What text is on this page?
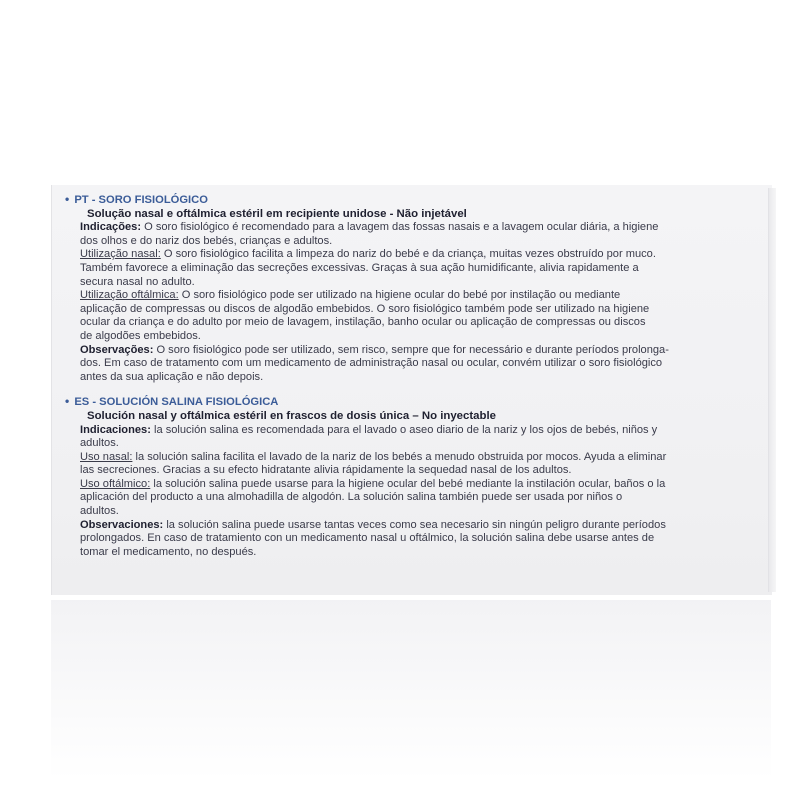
• PT - SORO FISIOLÓGICO
Solução nasal e oftálmica estéril em recipiente unidose - Não injetável
Indicações: O soro fisiológico é recomendado para a lavagem das fossas nasais e a lavagem ocular diária, a higiene
dos olhos e do nariz dos bebés, crianças e adultos.
Utilização nasal: O soro fisiológico facilita a limpeza do nariz do bebé e da criança, muitas vezes obstruído por muco.
Também favorece a eliminação das secreções excessivas. Graças à sua ação humidificante, alivia rapidamente a
secura nasal no adulto.
Utilização oftálmica: O soro fisiológico pode ser utilizado na higiene ocular do bebé por instilação ou mediante
aplicação de compressas ou discos de algodão embebidos. O soro fisiológico também pode ser utilizado na higiene
ocular da criança e do adulto por meio de lavagem, instilação, banho ocular ou aplicação de compressas ou discos
de algodões embebidos.
Observações: O soro fisiológico pode ser utilizado, sem risco, sempre que for necessário e durante períodos prolonga-
dos. Em caso de tratamento com um medicamento de administração nasal ou ocular, convém utilizar o soro fisiológico
antes da sua aplicação e não depois.
• ES - SOLUCIÓN SALINA FISIOLÓGICA
Solución nasal y oftálmica estéril en frascos de dosis única – No inyectable
Indicaciones: la solución salina es recomendada para el lavado o aseo diario de la nariz y los ojos de bebés, niños y
adultos.
Uso nasal: la solución salina facilita el lavado de la nariz de los bebés a menudo obstruida por mocos. Ayuda a eliminar
las secreciones. Gracias a su efecto hidratante alivia rápidamente la sequedad nasal de los adultos.
Uso oftálmico: la solución salina puede usarse para la higiene ocular del bebé mediante la instilación ocular, baños o la
aplicación del producto a una almohadilla de algodón. La solución salina también puede ser usada por niños o
adultos.
Observaciones: la solución salina puede usarse tantas veces como sea necesario sin ningún peligro durante períodos
prolongados. En caso de tratamiento con un medicamento nasal u oftálmico, la solución salina debe usarse antes de
tomar el medicamento, no después.
